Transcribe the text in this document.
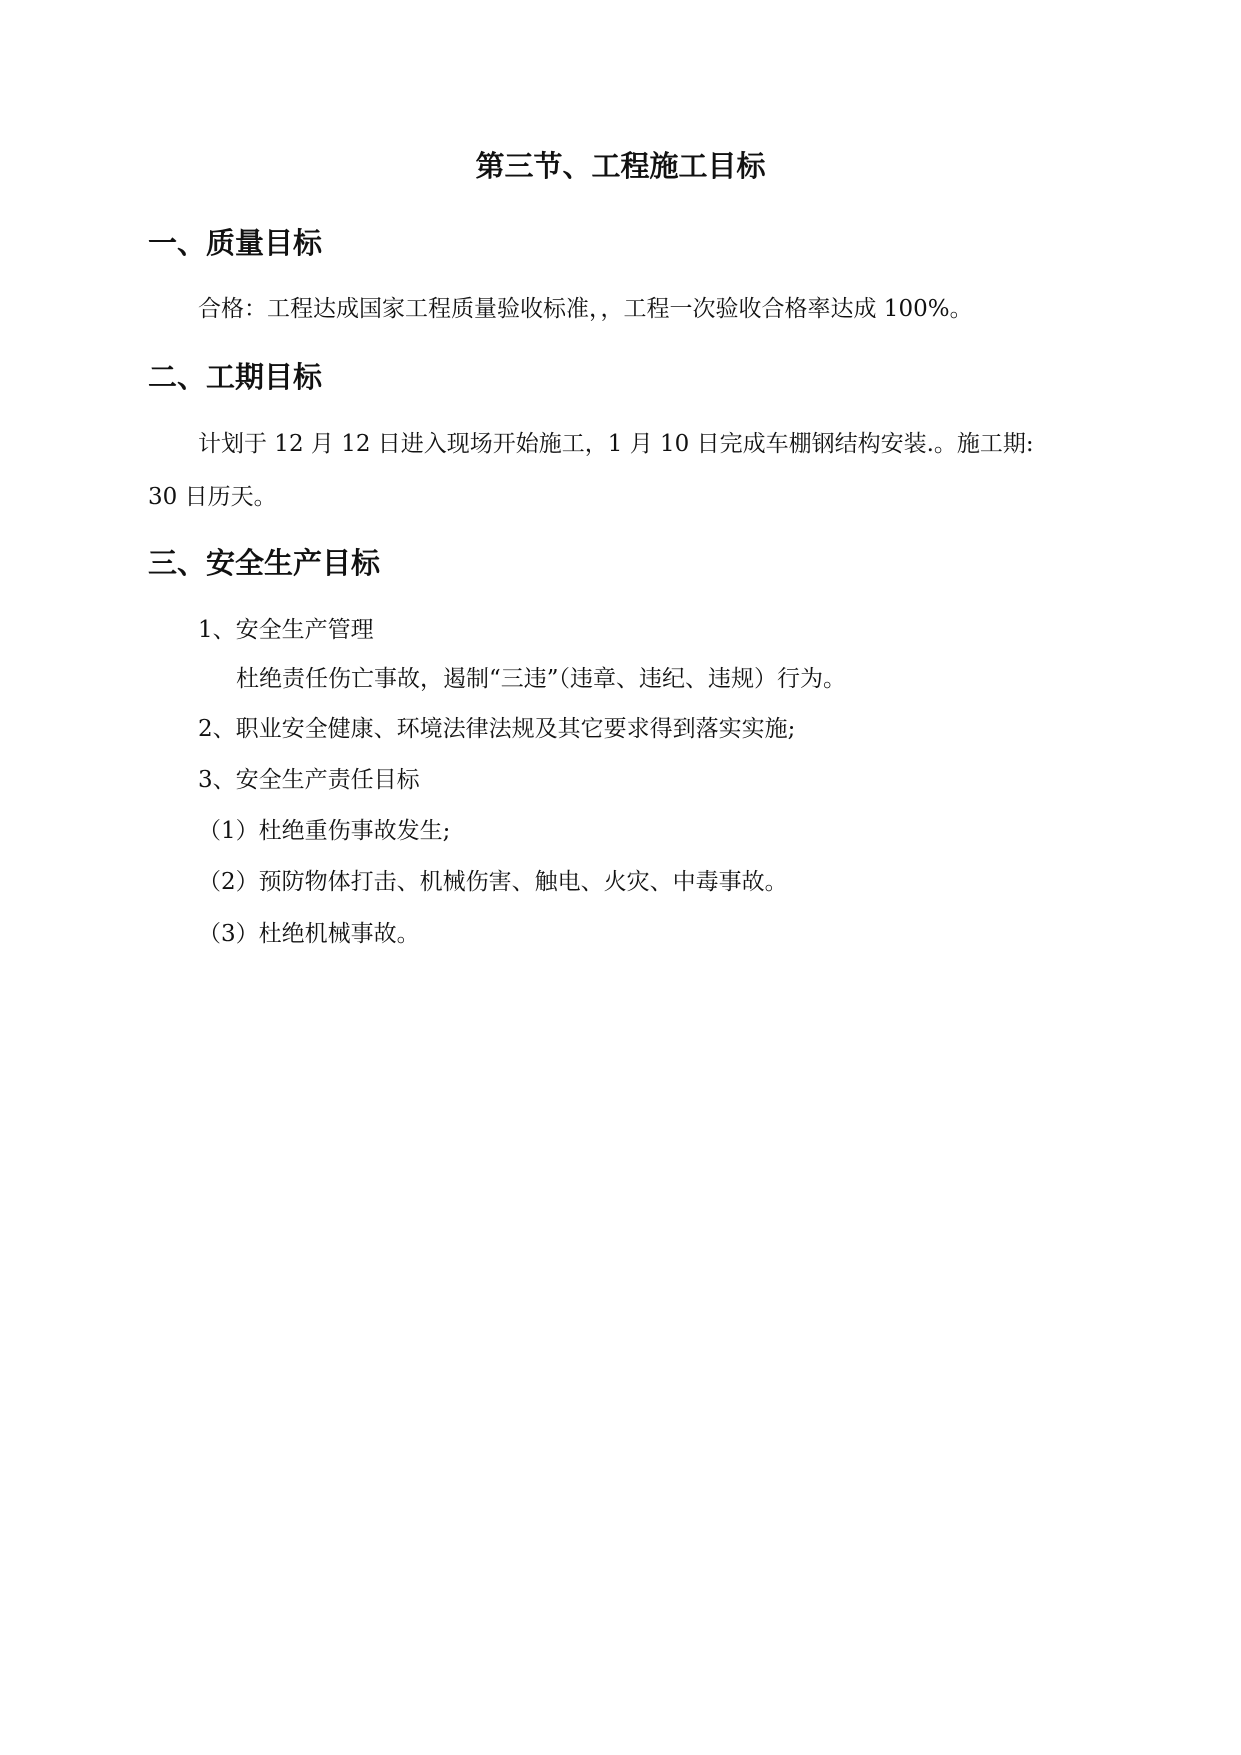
第三节、工程施工目标
一、质量目标
合格：工程达成国家工程质量验收标准，，工程一次验收合格率达成 100%。
二、工期目标
计划于 12 月 12 日进入现场开始施工，1 月 10 日完成车棚钢结构安装.。施工期:
30 日历天。
三、安全生产目标
1、安全生产管理
杜绝责任伤亡事故，遏制“三违”（违章、违纪、违规）行为。
2、职业安全健康、环境法律法规及其它要求得到落实实施;
3、安全生产责任目标
（1）杜绝重伤事故发生;
（2）预防物体打击、机械伤害、触电、火灾、中毒事故。
（3）杜绝机械事故。
